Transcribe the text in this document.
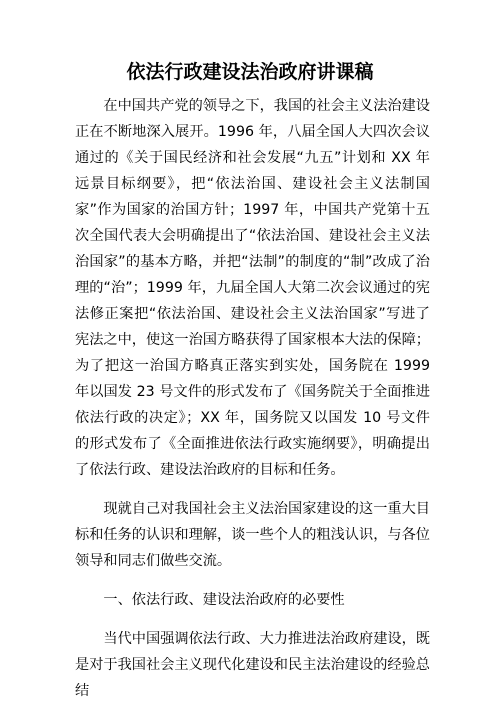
依法行政建设法治政府讲课稿

在中国共产党的领导之下，我国的社会主义法治建设正在不断地深入展开。1996 年，八届全国人大四次会议通过的《关于国民经济和社会发展“九五”计划和 XX 年远景目标纲要》，把“依法治国、建设社会主义法制国家”作为国家的治国方针；1997 年，中国共产党第十五次全国代表大会明确提出了“依法治国、建设社会主义法治国家”的基本方略，并把“法制”的制度的“制”改成了治理的“治”；1999 年，九届全国人大第二次会议通过的宪法修正案把“依法治国、建设社会主义法治国家”写进了宪法之中，使这一治国方略获得了国家根本大法的保障；为了把这一治国方略真正落实到实处，国务院在 1999 年以国发 23 号文件的形式发布了《国务院关于全面推进依法行政的决定》；XX 年，国务院又以国发 10 号文件的形式发布了《全面推进依法行政实施纲要》，明确提出了依法行政、建设法治政府的目标和任务。

现就自己对我国社会主义法治国家建设的这一重大目标和任务的认识和理解，谈一些个人的粗浅认识，与各位领导和同志们做些交流。

一、依法行政、建设法治政府的必要性

当代中国强调依法行政、大力推进法治政府建设，既是对于我国社会主义现代化建设和民主法治建设的经验总结
